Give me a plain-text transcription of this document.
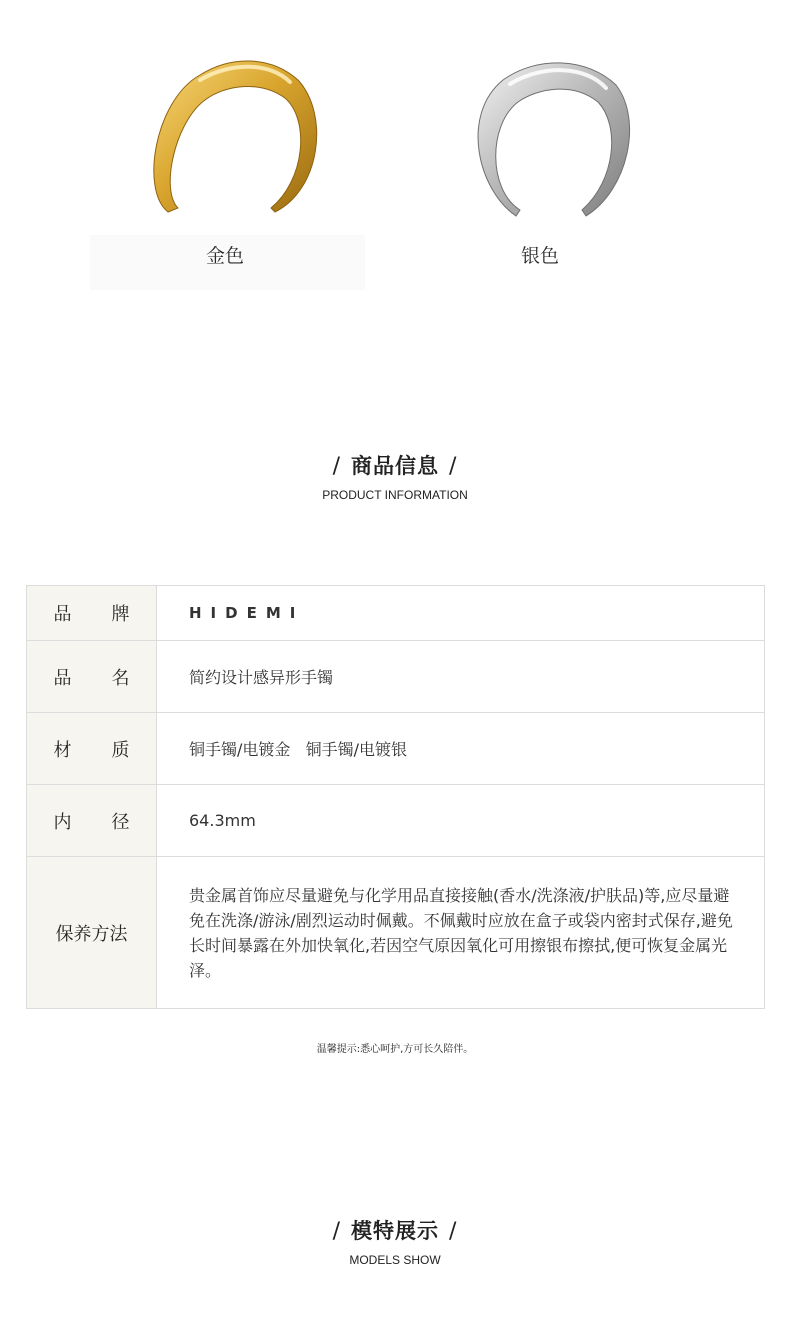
金色	银色
/ 商品信息 /
PRODUCT INFORMATION
品 牌	HIDEMI

品 名	简约设计感异形手镯

材 质	铜手镯/电镀金   铜手镯/电镀银

内 径	64.3mm
保养方法	贵金属首饰应尽量避免与化学用品直接接触(香水/洗涤液/护肤品)等,应尽量避免在洗涤/游泳/剧烈运动时佩戴。不佩戴时应放在盒子或袋内密封式保存,避免长时间暴露在外加快氧化,若因空气原因氧化可用擦银布擦拭,便可恢复金属光泽。
温馨提示:悉心呵护,方可长久陪伴。
/ 模特展示 /
MODELS SHOW
